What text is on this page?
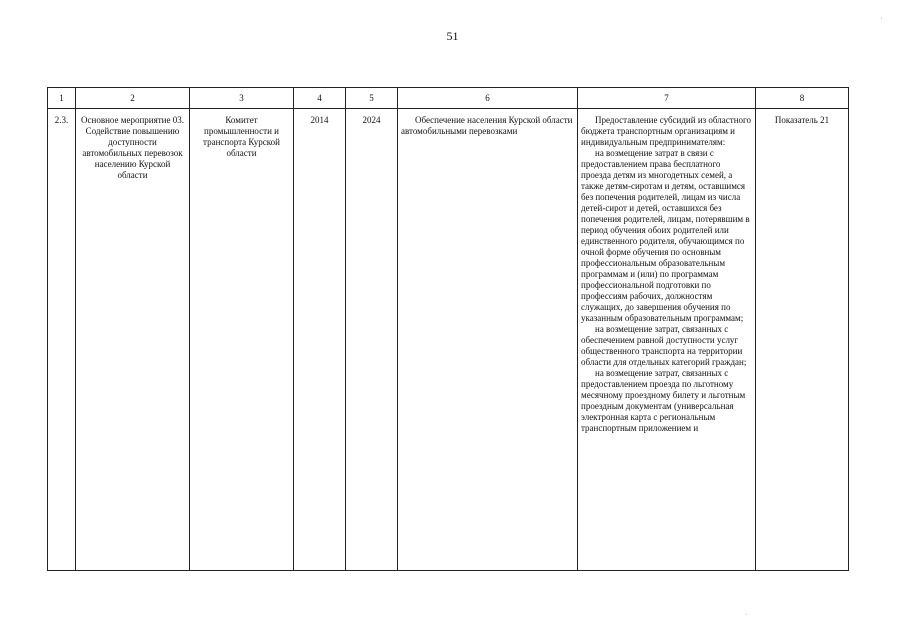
51
1	2	3	4	5	6	7	8
2.3.	Основное мероприятие 03. Содействие повышению доступности автомобильных перевозок населению Курской области	Комитет промышленности и транспорта Курской области	2014	2024	Обеспечение населения Курской области автомобильными перевозками	Предоставление субсидий из областного бюджета транспортным организациям и индивидуальным предпринимателям:

на возмещение затрат в связи с предоставлением права бесплатного проезда детям из многодетных семей, а также детям-сиротам и детям, оставшимся без попечения родителей, лицам из числа детей-сирот и детей, оставшихся без попечения родителей, лицам, потерявшим в период обучения обоих родителей или единственного родителя, обучающимся по очной форме обучения по основным профессиональным образовательным программам и (или) по программам профессиональной подготовки по профессиям рабочих, должностям служащих, до завершения обучения по указанным образовательным программам;

на возмещение затрат, связанных с обеспечением равной доступности услуг общественного транспорта на территории области для отдельных категорий граждан;

на возмещение затрат, связанных с предоставлением проезда по льготному месячному проездному билету и льготным проездным документам (универсальная электронная карта с региональным транспортным приложением и	Показатель 21
·
·
